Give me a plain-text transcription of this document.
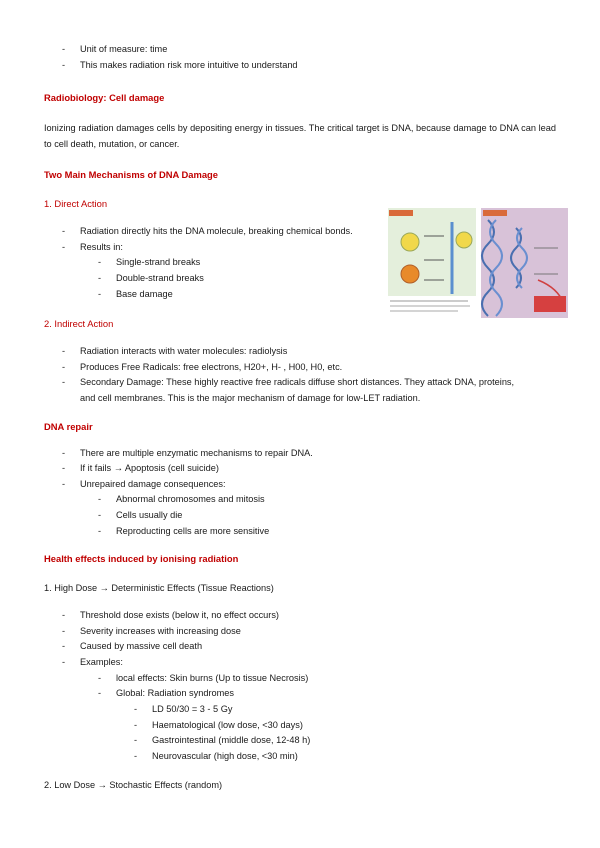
- Unit of measure: time
- This makes radiation risk more intuitive to understand
Radiobiology: Cell damage
Ionizing radiation damages cells by depositing energy in tissues. The critical target is DNA, because damage to DNA can lead to cell death, mutation, or cancer.
Two Main Mechanisms of DNA Damage
1. Direct Action
- Radiation directly hits the DNA molecule, breaking chemical bonds.
- Results in:
- Single-strand breaks
- Double-strand breaks
- Base damage
2. Indirect Action
- Radiation interacts with water molecules: radiolysis
- Produces Free Radicals: free electrons, H20+, H- , H00, H0, etc.
- Secondary Damage: These highly reactive free radicals diffuse short distances. They attack DNA, proteins,
and cell membranes. This is the major mechanism of damage for low-LET radiation.
DNA repair
- There are multiple enzymatic mechanisms to repair DNA.
- If it fails → Apoptosis (cell suicide)
- Unrepaired damage consequences:
- Abnormal chromosomes and mitosis
- Cells usually die
- Reproducting cells are more sensitive
Health effects induced by ionising radiation
1. High Dose → Deterministic Effects (Tissue Reactions)
- Threshold dose exists (below it, no effect occurs)
- Severity increases with increasing dose
- Caused by massive cell death
- Examples:
- local effects: Skin burns (Up to tissue Necrosis)
- Global: Radiation syndromes
- LD 50/30 = 3 - 5 Gy
- Haematological (low dose, <30 days)
- Gastrointestinal (middle dose, 12-48 h)
- Neurovascular (high dose, <30 min)
2. Low Dose → Stochastic Effects (random)
